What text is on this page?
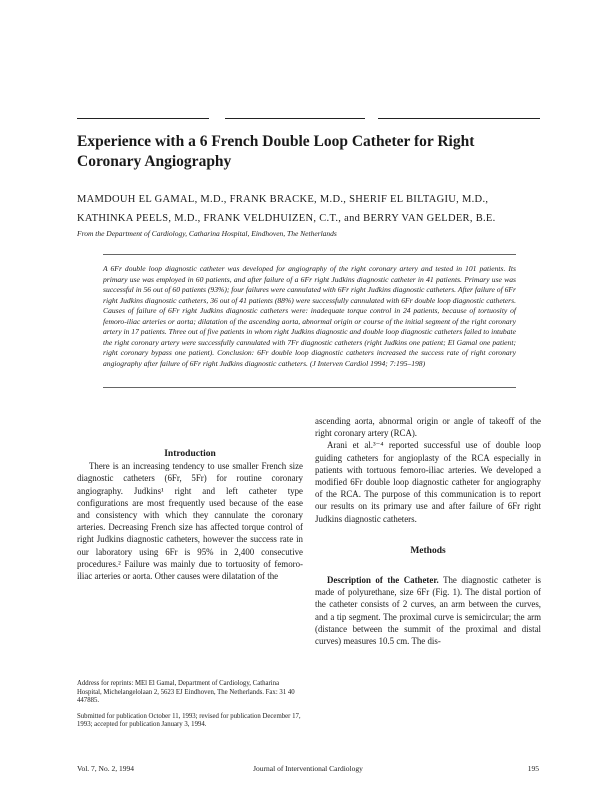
Experience with a 6 French Double Loop Catheter for Right Coronary Angiography

MAMDOUH EL GAMAL, M.D., FRANK BRACKE, M.D., SHERIF EL BILTAGIU, M.D., KATHINKA PEELS, M.D., FRANK VELDHUIZEN, C.T., and BERRY VAN GELDER, B.E.

From the Department of Cardiology, Catharina Hospital, Eindhoven, The Netherlands

A 6Fr double loop diagnostic catheter was developed for angiography of the right coronary artery and tested in 101 patients. Its primary use was employed in 60 patients, and after failure of a 6Fr right Judkins diagnostic catheter in 41 patients. Primary use was successful in 56 out of 60 patients (93%); four failures were cannulated with 6Fr right Judkins diagnostic catheters. After failure of 6Fr right Judkins diagnostic catheters, 36 out of 41 patients (88%) were successfully cannulated with 6Fr double loop diagnostic catheters. Causes of failure of 6Fr right Judkins diagnostic catheters were: inadequate torque control in 24 patients, because of tortuosity of femoro-iliac arteries or aorta; dilatation of the ascending aorta, abnormal origin or course of the initial segment of the right coronary artery in 17 patients. Three out of five patients in whom right Judkins diagnostic and double loop diagnostic catheters failed to intubate the right coronary artery were successfully cannulated with 7Fr diagnostic catheters (right Judkins one patient; El Gamal one patient; right coronary bypass one patient). Conclusion: 6Fr double loop diagnostic catheters increased the success rate of right coronary angiography after failure of 6Fr right Judkins diagnostic catheters. (J Interven Cardiol 1994; 7:195–198)

Introduction

There is an increasing tendency to use smaller French size diagnostic catheters (6Fr, 5Fr) for routine coronary angiography. Judkins¹ right and left catheter type configurations are most frequently used because of the ease and consistency with which they cannulate the coronary arteries. Decreasing French size has affected torque control of right Judkins diagnostic catheters, however the success rate in our laboratory using 6Fr is 95% in 2,400 consecutive procedures.² Failure was mainly due to tortuosity of femoro-iliac arteries or aorta. Other causes were dilatation of the

ascending aorta, abnormal origin or angle of takeoff of the right coronary artery (RCA).

Arani et al.³⁻⁴ reported successful use of double loop guiding catheters for angioplasty of the RCA especially in patients with tortuous femoro-iliac arteries. We developed a modified 6Fr double loop diagnostic catheter for angiography of the RCA. The purpose of this communication is to report our results on its primary use and after failure of 6Fr right Judkins diagnostic catheters.

Methods

Description of the Catheter. The diagnostic catheter is made of polyurethane, size 6Fr (Fig. 1). The distal portion of the catheter consists of 2 curves, an arm between the curves, and a tip segment. The proximal curve is semicircular; the arm (distance between the summit of the proximal and distal curves) measures 10.5 cm. The dis-

Address for reprints: MEl El Gamal, Department of Cardiology, Catharina Hospital, Michelangelolaan 2, 5623 EJ Eindhoven, The Netherlands. Fax: 31 40 447885.

Submitted for publication October 11, 1993; revised for publication December 17, 1993; accepted for publication January 3, 1994.

Vol. 7, No. 2, 1994	Journal of Interventional Cardiology	195
